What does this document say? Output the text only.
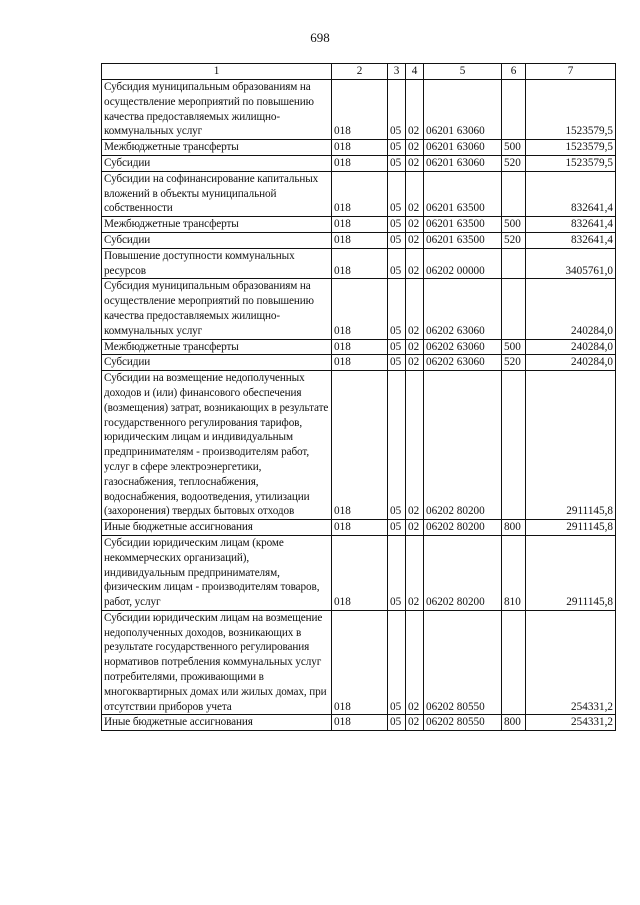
698
1	2	3	4	5	6	7
Субсидия муниципальным образованиям на осуществление мероприятий по повышению качества предоставляемых жилищно-коммунальных услуг	018	05	02	06201 63060		1523579,5
Межбюджетные трансферты	018	05	02	06201 63060	500	1523579,5
Субсидии	018	05	02	06201 63060	520	1523579,5
Субсидии на софинансирование капитальных вложений в объекты муниципальной собственности	018	05	02	06201 63500		832641,4
Межбюджетные трансферты	018	05	02	06201 63500	500	832641,4
Субсидии	018	05	02	06201 63500	520	832641,4
Повышение доступности коммунальных ресурсов	018	05	02	06202 00000		3405761,0
Субсидия муниципальным образованиям на осуществление мероприятий по повышению качества предоставляемых жилищно-коммунальных услуг	018	05	02	06202 63060		240284,0
Межбюджетные трансферты	018	05	02	06202 63060	500	240284,0
Субсидии	018	05	02	06202 63060	520	240284,0
Субсидии на возмещение недополученных доходов и (или) финансового обеспечения (возмещения) затрат, возникающих в результате государственного регулирования тарифов, юридическим лицам и индивидуальным предпринимателям - производителям работ, услуг в сфере электроэнергетики, газоснабжения, теплоснабжения, водоснабжения, водоотведения, утилизации (захоронения) твердых бытовых отходов	018	05	02	06202 80200		2911145,8
Иные бюджетные ассигнования	018	05	02	06202 80200	800	2911145,8
Субсидии юридическим лицам (кроме некоммерческих организаций), индивидуальным предпринимателям, физическим лицам - производителям товаров, работ, услуг	018	05	02	06202 80200	810	2911145,8
Субсидии юридическим лицам на возмещение недополученных доходов, возникающих в результате государственного регулирования нормативов потребления коммунальных услуг потребителями, проживающими в многоквартирных домах или жилых домах, при отсутствии приборов учета	018	05	02	06202 80550		254331,2
Иные бюджетные ассигнования	018	05	02	06202 80550	800	254331,2
